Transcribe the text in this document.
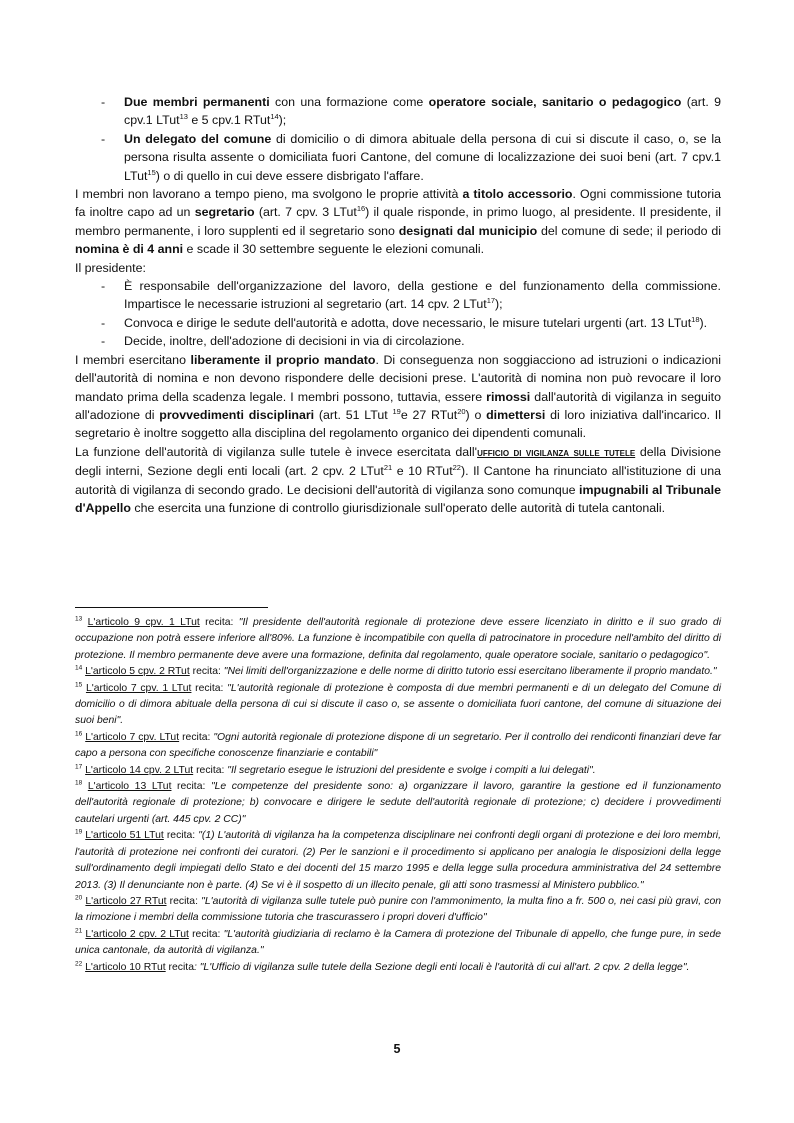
- Due membri permanenti con una formazione come operatore sociale, sanitario o pedagogico (art. 9 cpv.1 LTut$^{13}$ e 5 cpv.1 RTut$^{14}$);
- Un delegato del comune di domicilio o di dimora abituale della persona di cui si discute il caso, o, se la persona risulta assente o domiciliata fuori Cantone, del comune di localizzazione dei suoi beni (art. 7 cpv.1 LTut$^{15}$) o di quello in cui deve essere disbrigato l'affare.

I membri non lavorano a tempo pieno, ma svolgono le proprie attività a titolo accessorio. Ogni commissione tutoria fa inoltre capo ad un segretario (art. 7 cpv. 3 LTut$^{16}$) il quale risponde, in primo luogo, al presidente. Il presidente, il membro permanente, i loro supplenti ed il segretario sono designati dal municipio del comune di sede; il periodo di nomina è di 4 anni e scade il 30 settembre seguente le elezioni comunali.

Il presidente:

- È responsabile dell'organizzazione del lavoro, della gestione e del funzionamento della commissione. Impartisce le necessarie istruzioni al segretario (art. 14 cpv. 2 LTut$^{17}$);
- Convoca e dirige le sedute dell'autorità e adotta, dove necessario, le misure tutelari urgenti (art. 13 LTut$^{18}$).
- Decide, inoltre, dell'adozione di decisioni in via di circolazione.

I membri esercitano liberamente il proprio mandato. Di conseguenza non soggiacciono ad istruzioni o indicazioni dell'autorità di nomina e non devono rispondere delle decisioni prese. L'autorità di nomina non può revocare il loro mandato prima della scadenza legale. I membri possono, tuttavia, essere rimossi dall'autorità di vigilanza in seguito all'adozione di provvedimenti disciplinari (art. 51 LTut $^{19}$e 27 RTut$^{20}$) o dimettersi di loro iniziativa dall'incarico. Il segretario è inoltre soggetto alla disciplina del regolamento organico dei dipendenti comunali.

La funzione dell'autorità di vigilanza sulle tutele è invece esercitata dall'ufficio di vigilanza sulle tutele della Divisione degli interni, Sezione degli enti locali (art. 2 cpv. 2 LTut$^{21}$ e 10 RTut$^{22}$). Il Cantone ha rinunciato all'istituzione di una autorità di vigilanza di secondo grado. Le decisioni dell'autorità di vigilanza sono comunque impugnabili al Tribunale d'Appello che esercita una funzione di controllo giurisdizionale sull'operato delle autorità di tutela cantonali.

$^{13}$ L'articolo 9 cpv. 1 LTut recita: "Il presidente dell'autorità regionale di protezione deve essere licenziato in diritto e il suo grado di occupazione non potrà essere inferiore all'80%. La funzione è incompatibile con quella di patrocinatore in procedure nell'ambito del diritto di protezione. Il membro permanente deve avere una formazione, definita dal regolamento, quale operatore sociale, sanitario o pedagogico".

$^{14}$ L'articolo 5 cpv. 2 RTut recita: "Nei limiti dell'organizzazione e delle norme di diritto tutorio essi esercitano liberamente il proprio mandato."

$^{15}$ L'articolo 7 cpv. 1 LTut recita: "L'autorità regionale di protezione è composta di due membri permanenti e di un delegato del Comune di domicilio o di dimora abituale della persona di cui si discute il caso o, se assente o domiciliata fuori cantone, del comune di situazione dei suoi beni".

$^{16}$ L'articolo 7 cpv. LTut recita: "Ogni autorità regionale di protezione dispone di un segretario. Per il controllo dei rendiconti finanziari deve far capo a persona con specifiche conoscenze finanziarie e contabili"

$^{17}$ L'articolo 14 cpv. 2 LTut recita: "Il segretario esegue le istruzioni del presidente e svolge i compiti a lui delegati".

$^{18}$ L'articolo 13 LTut recita: "Le competenze del presidente sono: a) organizzare il lavoro, garantire la gestione ed il funzionamento dell'autorità regionale di protezione; b) convocare e dirigere le sedute dell'autorità regionale di protezione; c) decidere i provvedimenti cautelari urgenti (art. 445 cpv. 2 CC)"

$^{19}$ L'articolo 51 LTut recita: "(1) L'autorità di vigilanza ha la competenza disciplinare nei confronti degli organi di protezione e dei loro membri, l'autorità di protezione nei confronti dei curatori. (2) Per le sanzioni e il procedimento si applicano per analogia le disposizioni della legge sull'ordinamento degli impiegati dello Stato e dei docenti del 15 marzo 1995 e della legge sulla procedura amministrativa del 24 settembre 2013. (3) Il denunciante non è parte. (4) Se vi è il sospetto di un illecito penale, gli atti sono trasmessi al Ministero pubblico."

$^{20}$ L'articolo 27 RTut recita: "L'autorità di vigilanza sulle tutele può punire con l'ammonimento, la multa fino a fr. 500 o, nei casi più gravi, con la rimozione i membri della commissione tutoria che trascurassero i propri doveri d'ufficio"

$^{21}$ L'articolo 2 cpv. 2 LTut recita: "L'autorità giudiziaria di reclamo è la Camera di protezione del Tribunale di appello, che funge pure, in sede unica cantonale, da autorità di vigilanza."

$^{22}$ L'articolo 10 RTut recita: "L'Ufficio di vigilanza sulle tutele della Sezione degli enti locali è l'autorità di cui all'art. 2 cpv. 2 della legge".

5
